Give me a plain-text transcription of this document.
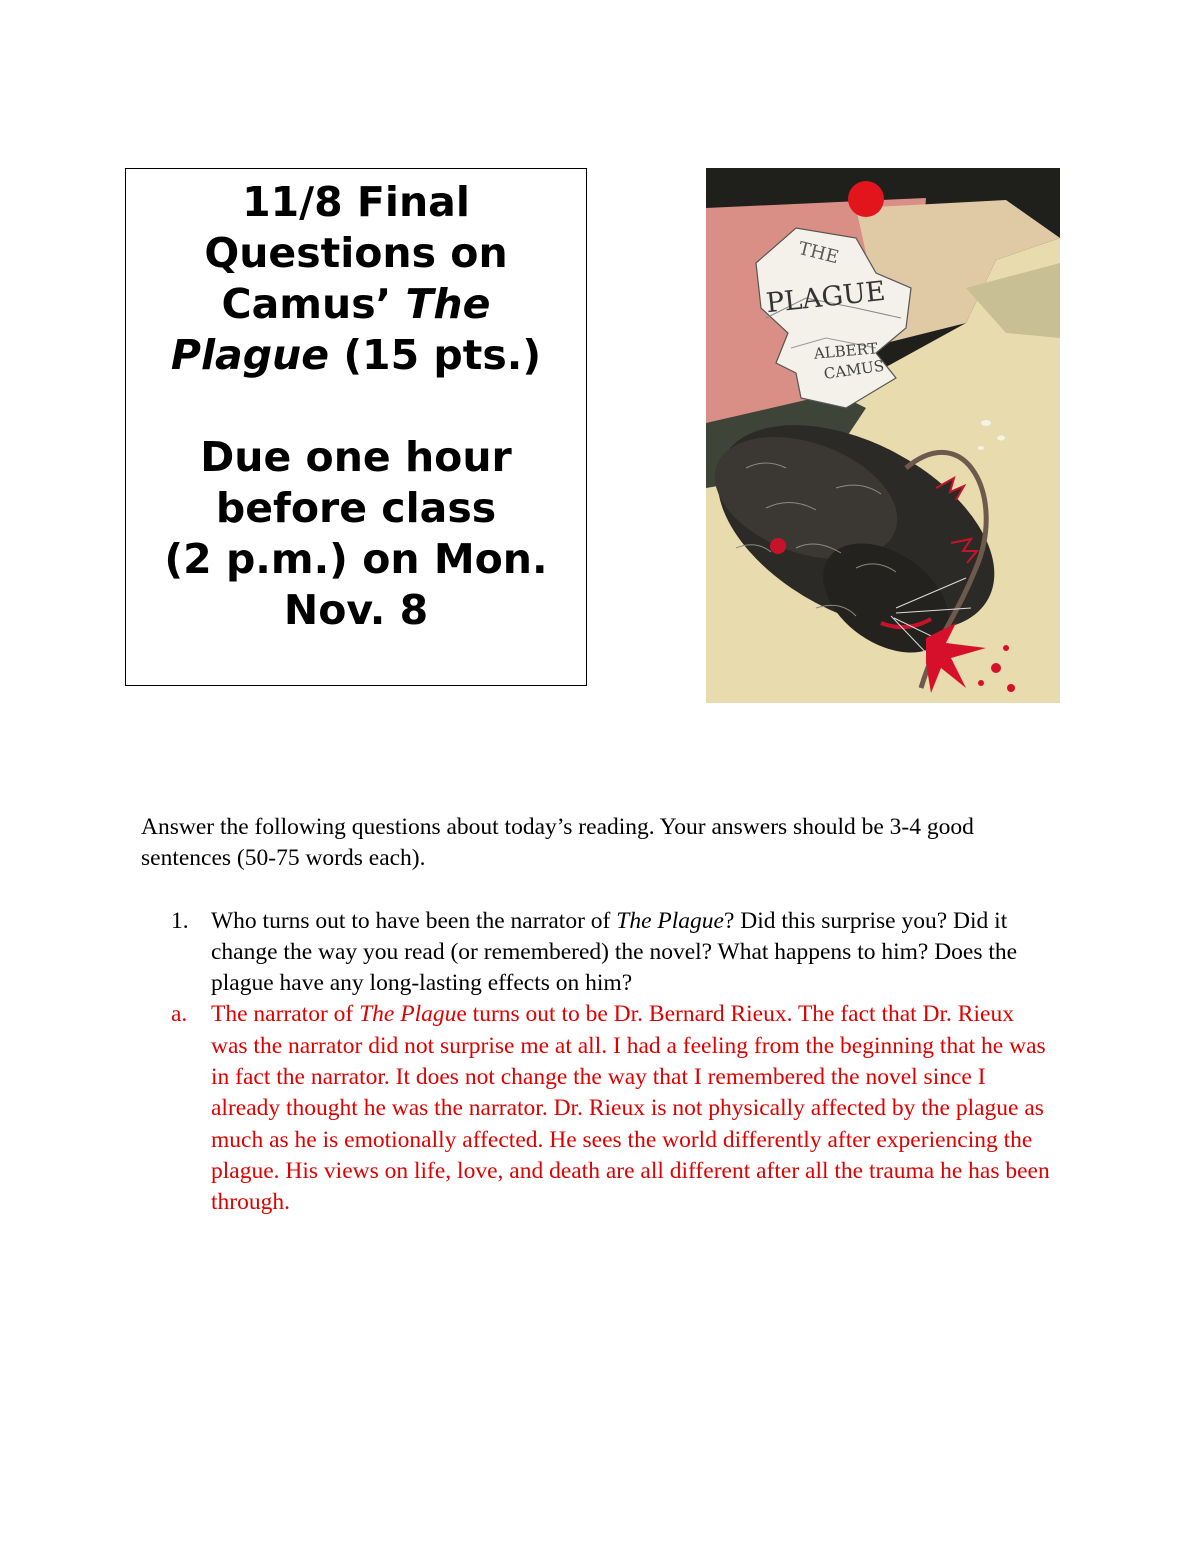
11/8 Final

Questions on

Camus’ The

Plague (15 pts.)

Due one hour

before class

(2 p.m.) on Mon.

Nov. 8

THE
PLAGUE
ALBERT
CAMUS

Answer the following questions about today’s reading. Your answers should be 3-4 good sentences (50-75 words each).

1. Who turns out to have been the narrator of The Plague? Did this surprise you? Did it change the way you read (or remembered) the novel? What happens to him? Does the plague have any long-lasting effects on him?
a.	The narrator of The Plague turns out to be Dr. Bernard Rieux. The fact that Dr. Rieux was the narrator did not surprise me at all. I had a feeling from the beginning that he was in fact the narrator. It does not change the way that I remembered the novel since I already thought he was the narrator. Dr. Rieux is not physically affected by the plague as much as he is emotionally affected. He sees the world differently after experiencing the plague. His views on life, love, and death are all different after all the trauma he has been through.
